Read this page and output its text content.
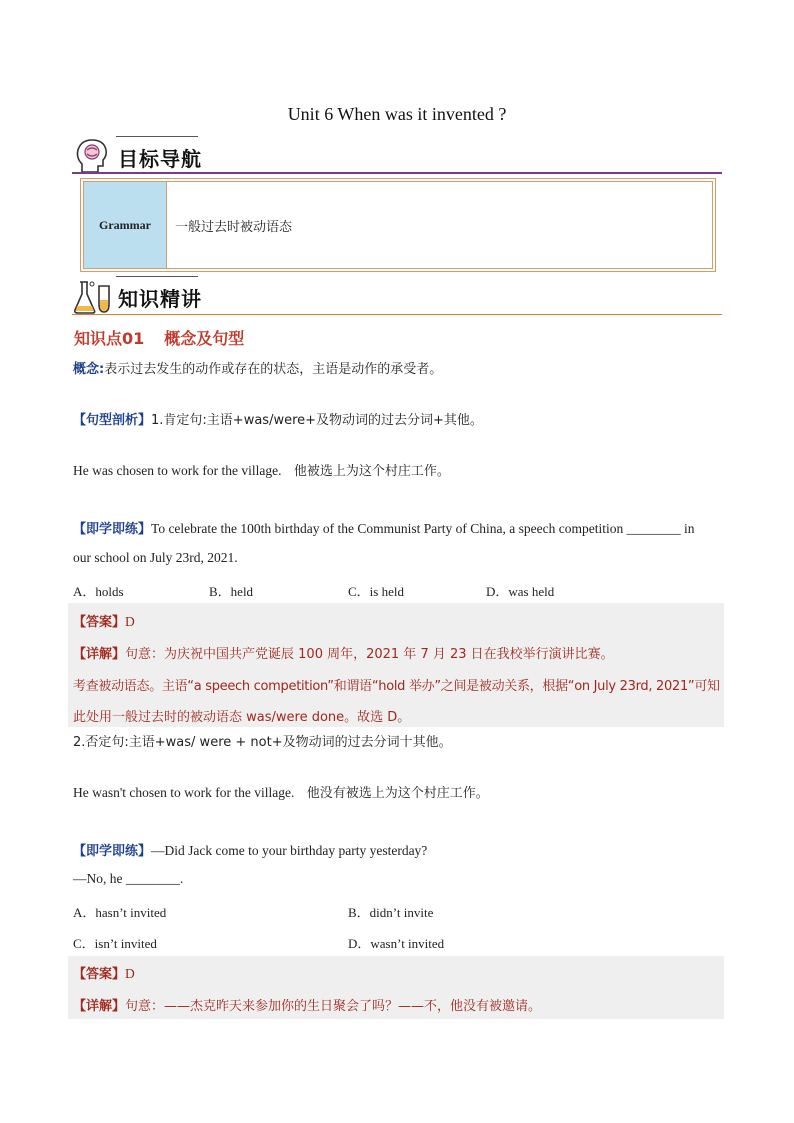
Unit 6 When was it invented ?
目标导航
Grammar	一般过去时被动语态
知识精讲
知识点01 概念及句型
概念:表示过去发生的动作或存在的状态，主语是动作的承受者。
【句型剖析】1.肯定句:主语+was/were+及物动词的过去分词+其他。
He was chosen to work for the village. 他被选上为这个村庄工作。
【即学即练】To celebrate the 100th birthday of the Communist Party of China, a speech competition ________ in
our school on July 23rd, 2021.
A．holds	B．held	C．is held	D．was held
【答案】D
【详解】句意：为庆祝中国共产党诞辰 100 周年，2021 年 7 月 23 日在我校举行演讲比赛。
考查被动语态。主语“a speech competition”和谓语“hold 举办”之间是被动关系，根据“on July 23rd, 2021”可知
此处用一般过去时的被动语态 was/were done。故选 D。
2.否定句:主语+was/ were + not+及物动词的过去分词十其他。
He wasn't chosen to work for the village. 他没有被选上为这个村庄工作。
【即学即练】—Did Jack come to your birthday party yesterday?
—No, he ________.
A．hasn’t invited	B．didn’t invite
C．isn’t invited	D．wasn’t invited
【答案】D
【详解】句意：——杰克昨天来参加你的生日聚会了吗？——不，他没有被邀请。
